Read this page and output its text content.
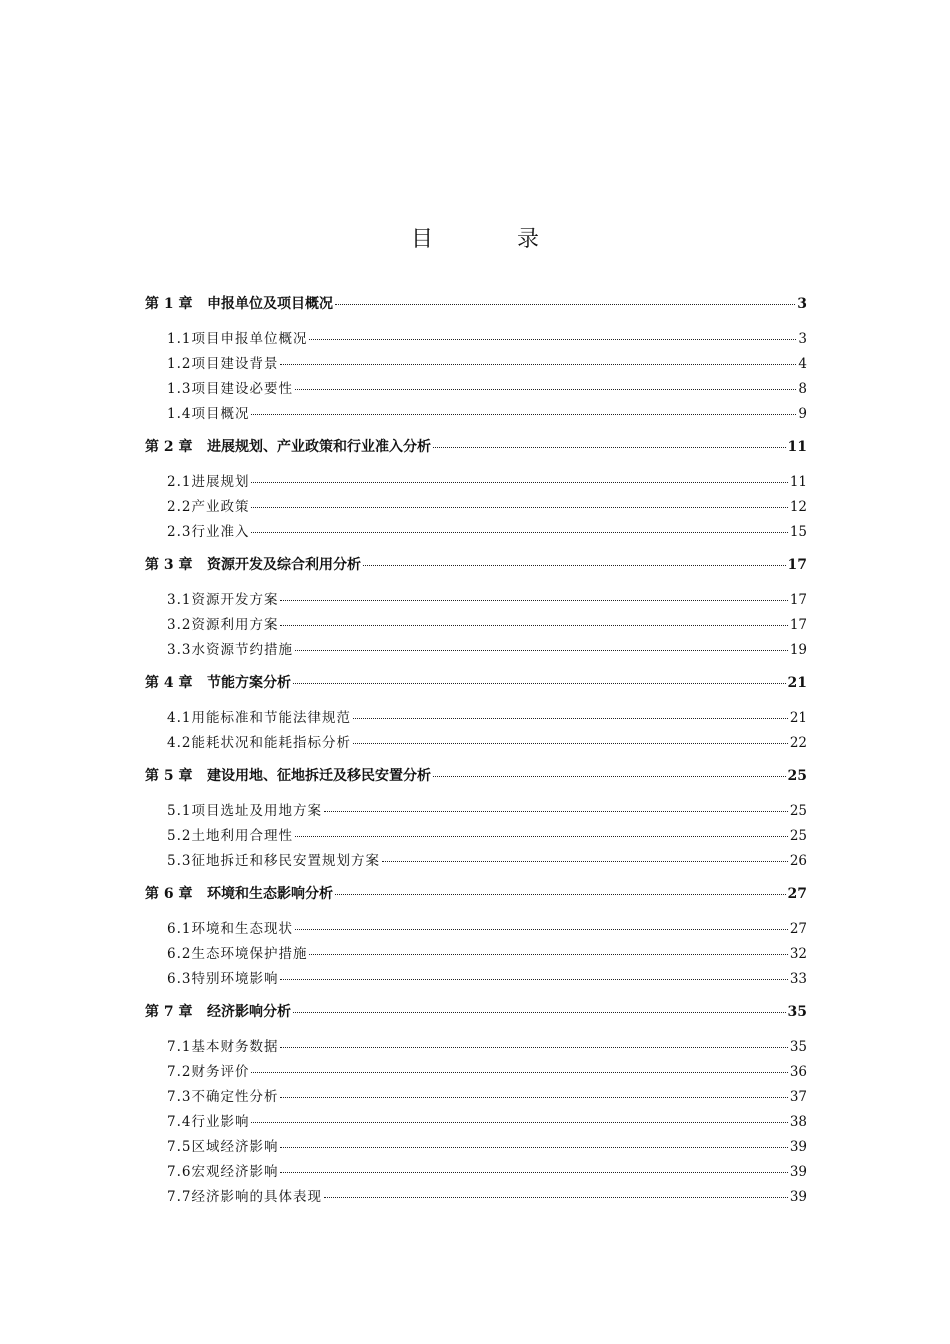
目	录
第 1 章	申报单位及项目概况	3
1.1 项目申报单位概况	3
1.2 项目建设背景	4
1.3 项目建设必要性	8
1.4 项目概况	9
第 2 章	进展规划、产业政策和行业准入分析	11
2.1 进展规划	11
2.2 产业政策	12
2.3 行业准入	15
第 3 章	资源开发及综合利用分析	17
3.1 资源开发方案	17
3.2 资源利用方案	17
3.3 水资源节约措施	19
第 4 章	节能方案分析	21
4.1 用能标准和节能法律规范	21
4.2 能耗状况和能耗指标分析	22
第 5 章	建设用地、征地拆迁及移民安置分析	25
5.1 项目选址及用地方案	25
5.2 土地利用合理性	25
5.3 征地拆迁和移民安置规划方案	26
第 6 章	环境和生态影响分析	27
6.1 环境和生态现状	27
6.2 生态环境保护措施	32
6.3 特别环境影响	33
第 7 章	经济影响分析	35
7.1 基本财务数据	35
7.2 财务评价	36
7.3 不确定性分析	37
7.4 行业影响	38
7.5 区域经济影响	39
7.6 宏观经济影响	39
7.7 经济影响的具体表现	39
